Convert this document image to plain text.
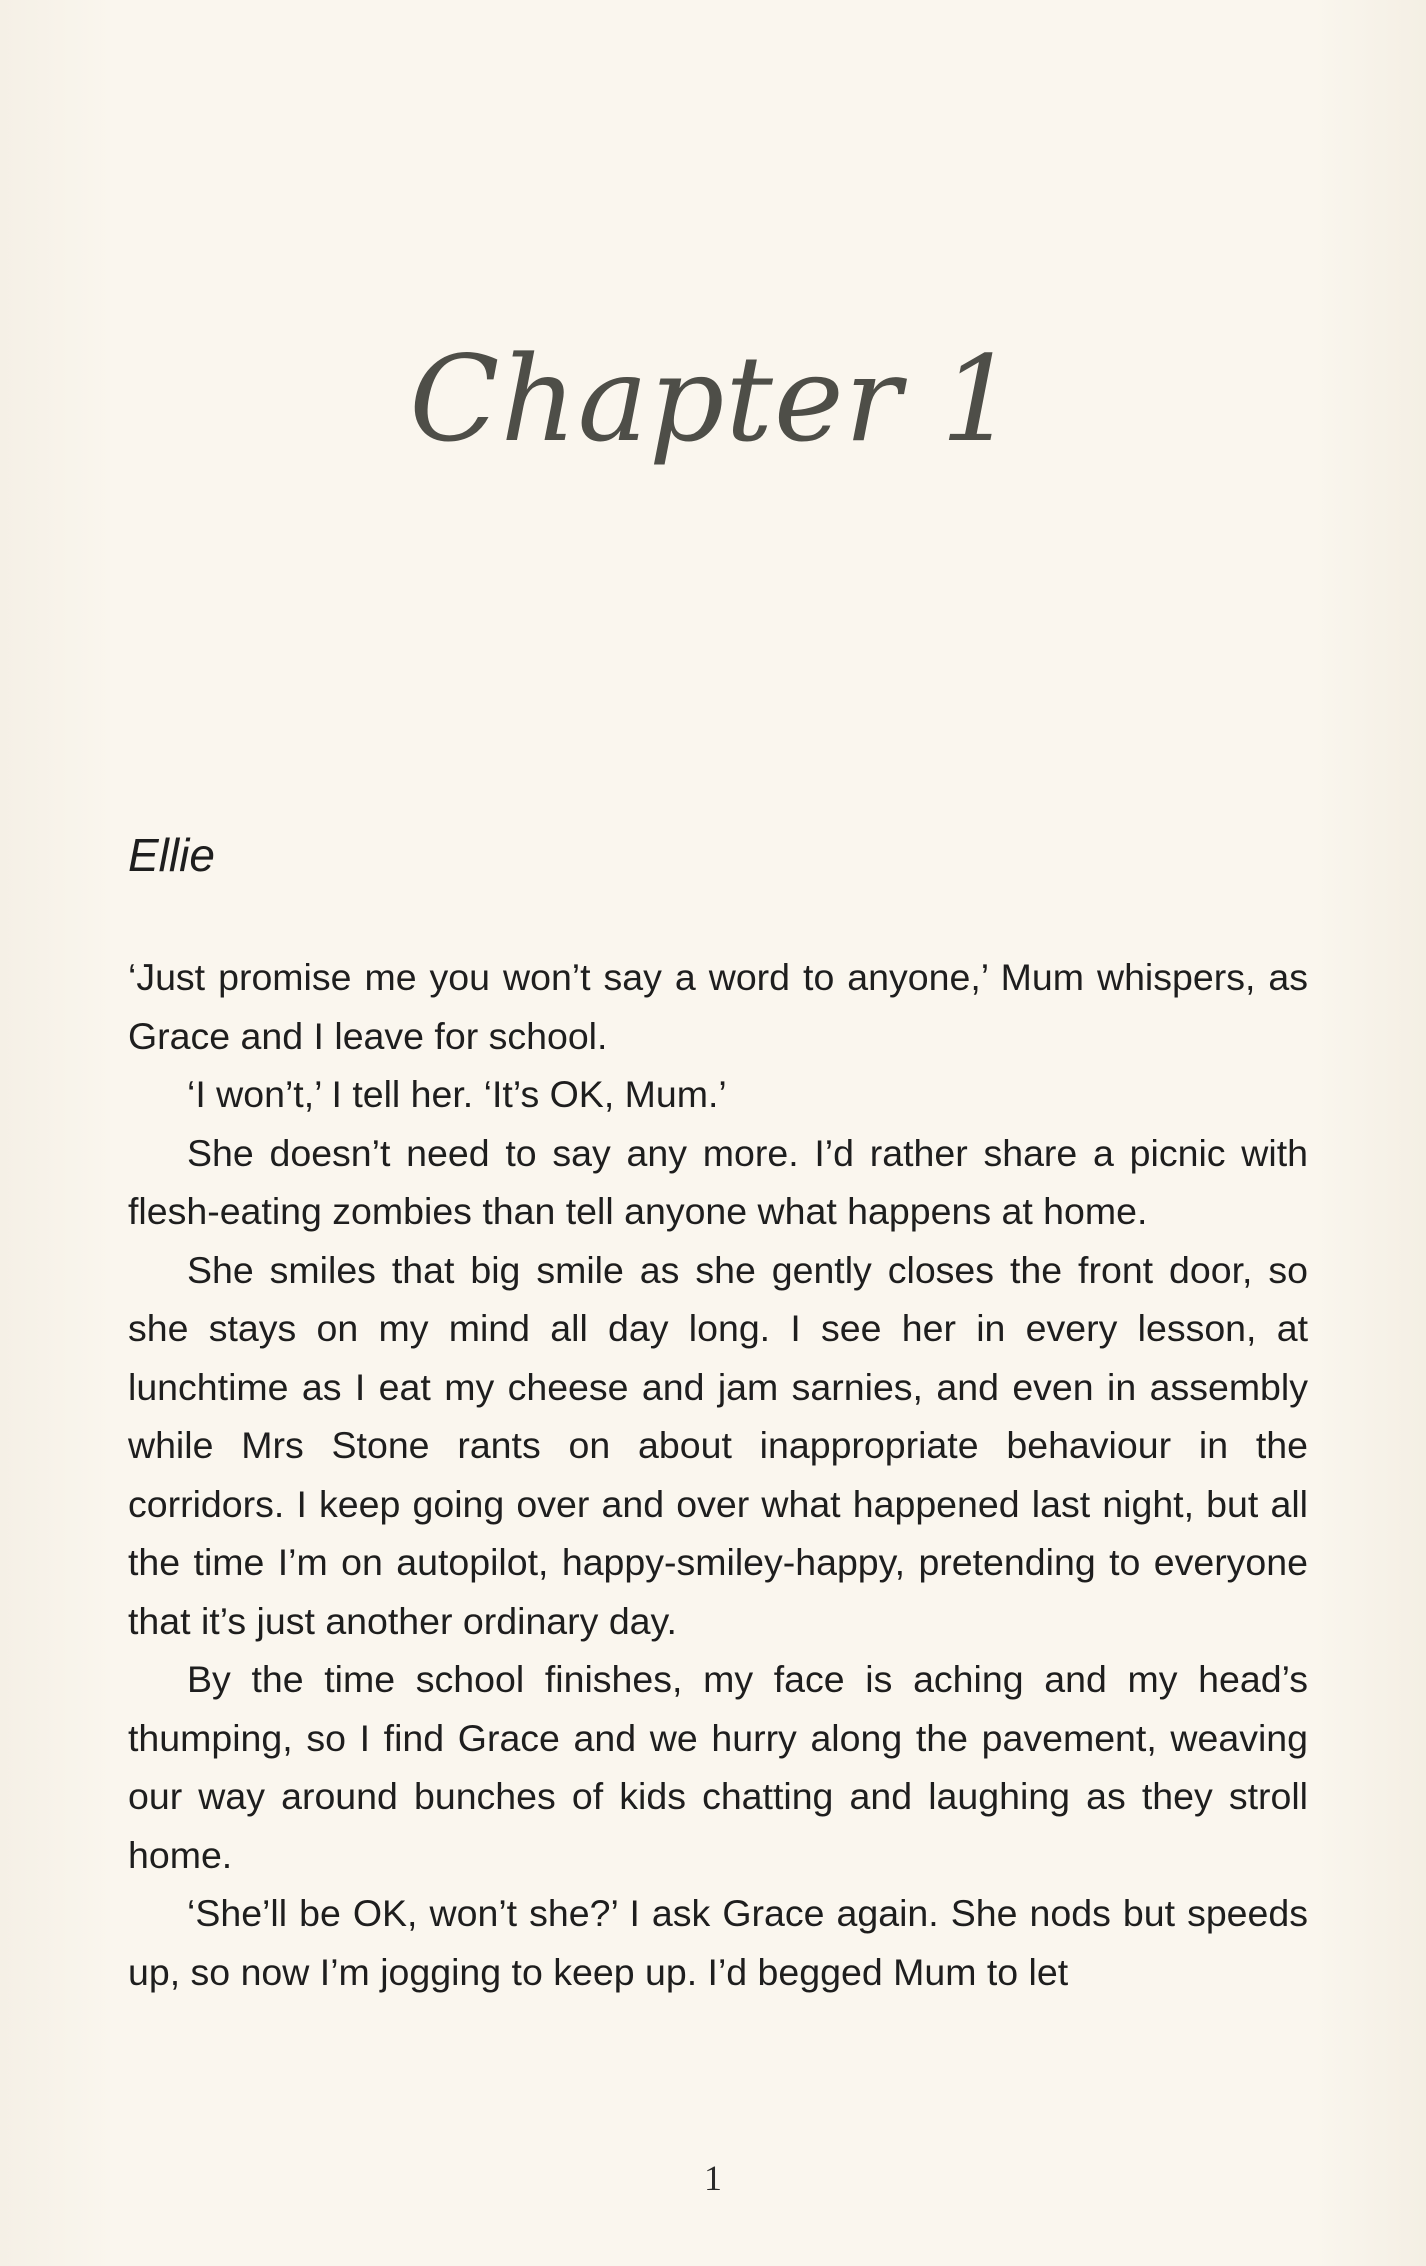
Chapter 1
Ellie

‘Just promise me you won’t say a word to anyone,’ Mum whispers, as Grace and I leave for school.

‘I won’t,’ I tell her. ‘It’s OK, Mum.’

She doesn’t need to say any more. I’d rather share a picnic with flesh-eating zombies than tell anyone what happens at home.

She smiles that big smile as she gently closes the front door, so she stays on my mind all day long. I see her in every lesson, at lunchtime as I eat my cheese and jam sarnies, and even in assembly while Mrs Stone rants on about inappropriate behaviour in the corridors. I keep going over and over what happened last night, but all the time I’m on autopilot, happy-smiley-happy, pretending to everyone that it’s just another ordinary day.

By the time school finishes, my face is aching and my head’s thumping, so I find Grace and we hurry along the pavement, weaving our way around bunches of kids chatting and laughing as they stroll home.

‘She’ll be OK, won’t she?’ I ask Grace again. She nods but speeds up, so now I’m jogging to keep up. I’d begged Mum to let

1
